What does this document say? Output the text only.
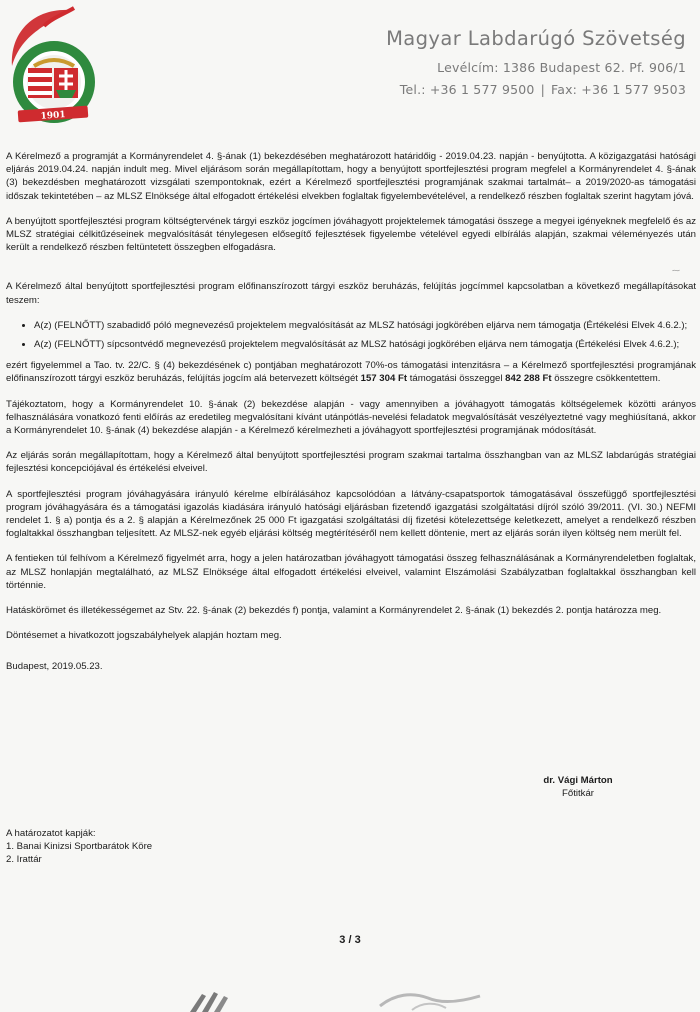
1901
Magyar Labdarúgó Szövetség
Levélcím: 1386 Budapest 62. Pf. 906/1
Tel.: +36 1 577 9500 | Fax: +36 1 577 9503

A Kérelmező a programját a Kormányrendelet 4. §-ának (1) bekezdésében meghatározott határidőig - 2019.04.23. napján - benyújtotta. A közigazgatási hatósági eljárás 2019.04.24. napján indult meg. Mivel eljárásom során megállapítottam, hogy a benyújtott sportfejlesztési program megfelel a Kormányrendelet 4. §-ának (3) bekezdésben meghatározott vizsgálati szempontoknak, ezért a Kérelmező sportfejlesztési programjának szakmai tartalmát– a 2019/2020-as támogatási időszak tekintetében – az MLSZ Elnöksége által elfogadott értékelési elvekben foglaltak figyelembevételével, a rendelkező részben foglaltak szerint hagytam jóvá.

A benyújtott sportfejlesztési program költségtervének tárgyi eszköz jogcímen jóváhagyott projektelemek támogatási összege a megyei igényeknek megfelelő és az MLSZ stratégiai célkitűzéseinek megvalósítását ténylegesen elősegítő fejlesztések figyelembe vételével egyedi elbírálás alapján, szakmai véleményezés után került a rendelkező részben feltüntetett összegben elfogadásra.

A Kérelmező által benyújtott sportfejlesztési program előfinanszírozott tárgyi eszköz beruházás, felújítás jogcímmel kapcsolatban a következő megállapításokat teszem:

• A(z) (FELNŐTT) szabadidő póló megnevezésű projektelem megvalósítását az MLSZ hatósági jogkörében eljárva nem támogatja (Értékelési Elvek 4.6.2.);
• A(z) (FELNŐTT) sípcsontvédő megnevezésű projektelem megvalósítását az MLSZ hatósági jogkörében eljárva nem támogatja (Értékelési Elvek 4.6.2.);

ezért figyelemmel a Tao. tv. 22/C. § (4) bekezdésének c) pontjában meghatározott 70%-os támogatási intenzitásra – a Kérelmező sportfejlesztési programjának előfinanszírozott tárgyi eszköz beruházás, felújítás jogcím alá betervezett költségét 157 304 Ft támogatási összeggel 842 288 Ft összegre csökkentettem.

Tájékoztatom, hogy a Kormányrendelet 10. §-ának (2) bekezdése alapján - vagy amennyiben a jóváhagyott támogatás költségelemek közötti arányos felhasználására vonatkozó fenti előírás az eredetileg megvalósítani kívánt utánpótlás-nevelési feladatok megvalósítását veszélyeztetné vagy meghiúsítaná, akkor a Kormányrendelet 10. §-ának (4) bekezdése alapján - a Kérelmező kérelmezheti a jóváhagyott sportfejlesztési programjának módosítását.

Az eljárás során megállapítottam, hogy a Kérelmező által benyújtott sportfejlesztési program szakmai tartalma összhangban van az MLSZ labdarúgás stratégiai fejlesztési koncepciójával és értékelési elveivel.

A sportfejlesztési program jóváhagyására irányuló kérelme elbírálásához kapcsolódóan a látvány-csapatsportok támogatásával összefüggő sportfejlesztési program jóváhagyására és a támogatási igazolás kiadására irányuló hatósági eljárásban fizetendő igazgatási szolgáltatási díjról szóló 39/2011. (VI. 30.) NEFMI rendelet 1. § a) pontja és a 2. § alapján a Kérelmezőnek 25 000 Ft igazgatási szolgáltatási díj fizetési kötelezettsége keletkezett, amelyet a rendelkező részben foglaltakkal összhangban teljesített. Az MLSZ-nek egyéb eljárási költség megtérítéséről nem kellett döntenie, mert az eljárás során ilyen költség nem merült fel.

A fentieken túl felhívom a Kérelmező figyelmét arra, hogy a jelen határozatban jóváhagyott támogatási összeg felhasználásának a Kormányrendeletben foglaltak, az MLSZ honlapján megtalálható, az MLSZ Elnöksége által elfogadott értékelési elveivel, valamint Elszámolási Szabályzatban foglaltakkal összhangban kell történnie.

Hatáskörömet és illetékességemet az Stv. 22. §-ának (2) bekezdés f) pontja, valamint a Kormányrendelet 2. §-ának (1) bekezdés 2. pontja határozza meg.

Döntésemet a hivatkozott jogszabályhelyek alapján hoztam meg.

Budapest, 2019.05.23.

⁓
dr. Vági Márton
Főtitkár
A határozatot kapják:
1. Banai Kinizsi Sportbarátok Köre
2. Irattár
3 / 3
